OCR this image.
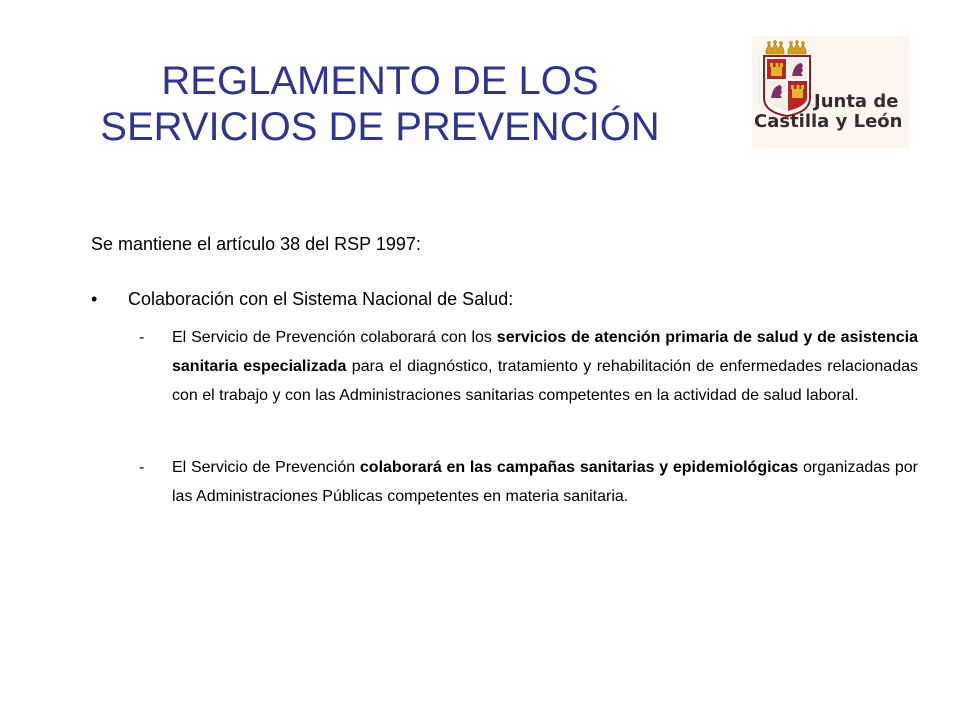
REGLAMENTO DE LOS
SERVICIOS DE PREVENCIÓN
Junta de
Castilla y León

Se mantiene el artículo 38 del RSP 1997:

• Colaboración con el Sistema Nacional de Salud:
- El Servicio de Prevención colaborará con los servicios de atención primaria de salud y de asistencia sanitaria especializada para el diagnóstico, tratamiento y rehabilitación de enfermedades relacionadas con el trabajo y con las Administraciones sanitarias competentes en la actividad de salud laboral.
- El Servicio de Prevención colaborará en las campañas sanitarias y epidemiológicas organizadas por las Administraciones Públicas competentes en materia sanitaria.
